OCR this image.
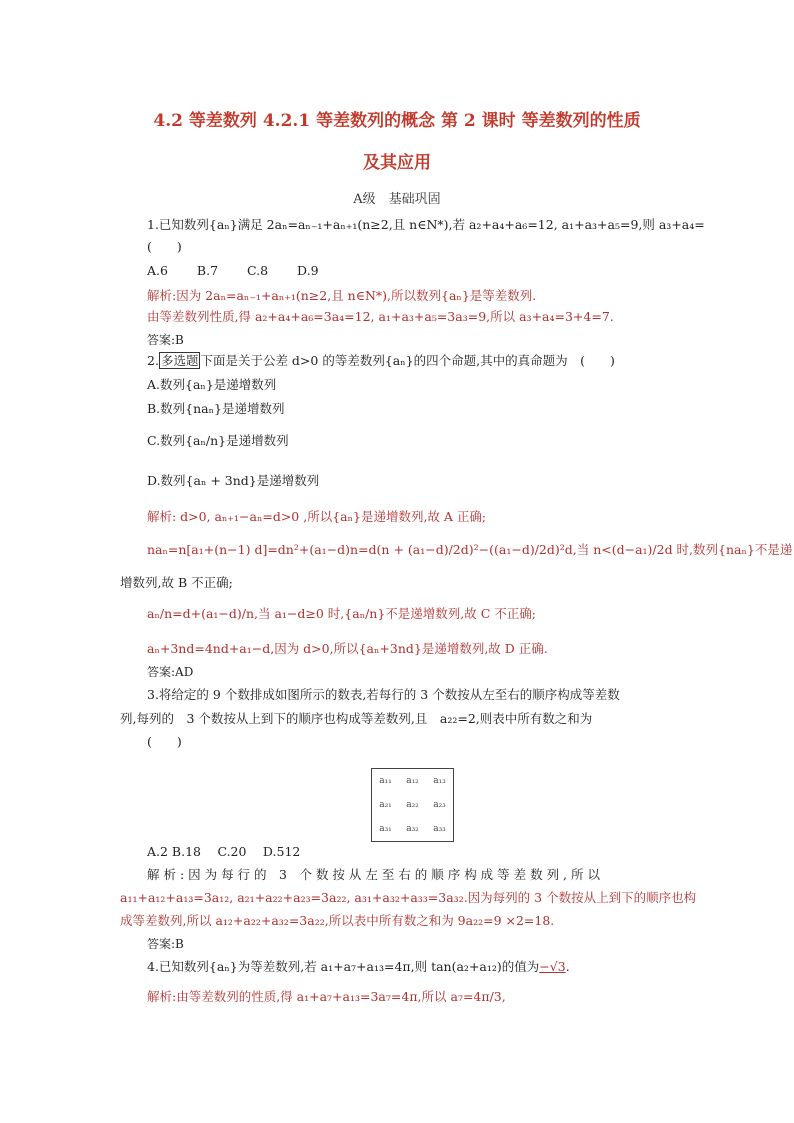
4.2 等差数列 4.2.1 等差数列的概念 第 2 课时 等差数列的性质
及其应用
A级　基础巩固
1.已知数列{aₙ}满足 2aₙ=aₙ₋₁+aₙ₊₁(n≥2,且 n∈N*),若 a₂+a₄+a₆=12, a₁+a₃+a₅=9,则 a₃+a₄=
(　　)
A.6　　 B.7　　 C.8　　 D.9
解析:因为 2aₙ=aₙ₋₁+aₙ₊₁(n≥2,且 n∈N*),所以数列{aₙ}是等差数列.
由等差数列性质,得 a₂+a₄+a₆=3a₄=12, a₁+a₃+a₅=3a₃=9,所以 a₃+a₄=3+4=7.
答案:B
2. 多选题 下面是关于公差 d>0 的等差数列{aₙ}的四个命题,其中的真命题为　(　　)
A.数列{aₙ}是递增数列
B.数列{naₙ}是递增数列
C.数列{aₙ/n}是递增数列
D.数列{aₙ + 3nd}是递增数列
解析: d>0, aₙ₊₁−aₙ=d>0 ,所以{aₙ}是递增数列,故 A 正确;
naₙ=n[a₁+(n−1) d]=dn²+(a₁−d)n=d(n + (a₁−d)/2d)²−((a₁−d)/2d)²d,当 n<(d−a₁)/2d 时,数列{naₙ}不是递
增数列,故 B 不正确;
aₙ/n=d+(a₁−d)/n,当 a₁−d≥0 时,{aₙ/n}不是递增数列,故 C 不正确;
aₙ+3nd=4nd+a₁−d,因为 d>0,所以{aₙ+3nd}是递增数列,故 D 正确.
答案:AD
3.将给定的 9 个数排成如图所示的数表,若每行的 3 个数按从左至右的顺序构成等差数
列,每列的　3 个数按从上到下的顺序也构成等差数列,且　a₂₂=2,则表中所有数之和为
(　　)
a₁₁	a₁₂	a₁₃
a₂₁	a₂₂	a₂₃
a₃₁	a₃₂	a₃₃
A.2 B.18　 C.20　 D.512
解 析 : 因 为 每 行 的　3　个 数 按 从 左 至 右 的 顺 序 构 成 等 差 数 列 , 所 以
a₁₁+a₁₂+a₁₃=3a₁₂, a₂₁+a₂₂+a₂₃=3a₂₂, a₃₁+a₃₂+a₃₃=3a₃₂.因为每列的 3 个数按从上到下的顺序也构
成等差数列,所以 a₁₂+a₂₂+a₃₂=3a₂₂,所以表中所有数之和为 9a₂₂=9 ×2=18.
答案:B
4.已知数列{aₙ}为等差数列,若 a₁+a₇+a₁₃=4π,则 tan(a₂+a₁₂)的值为−√3.
解析:由等差数列的性质,得 a₁+a₇+a₁₃=3a₇=4π,所以 a₇=4π/3,
